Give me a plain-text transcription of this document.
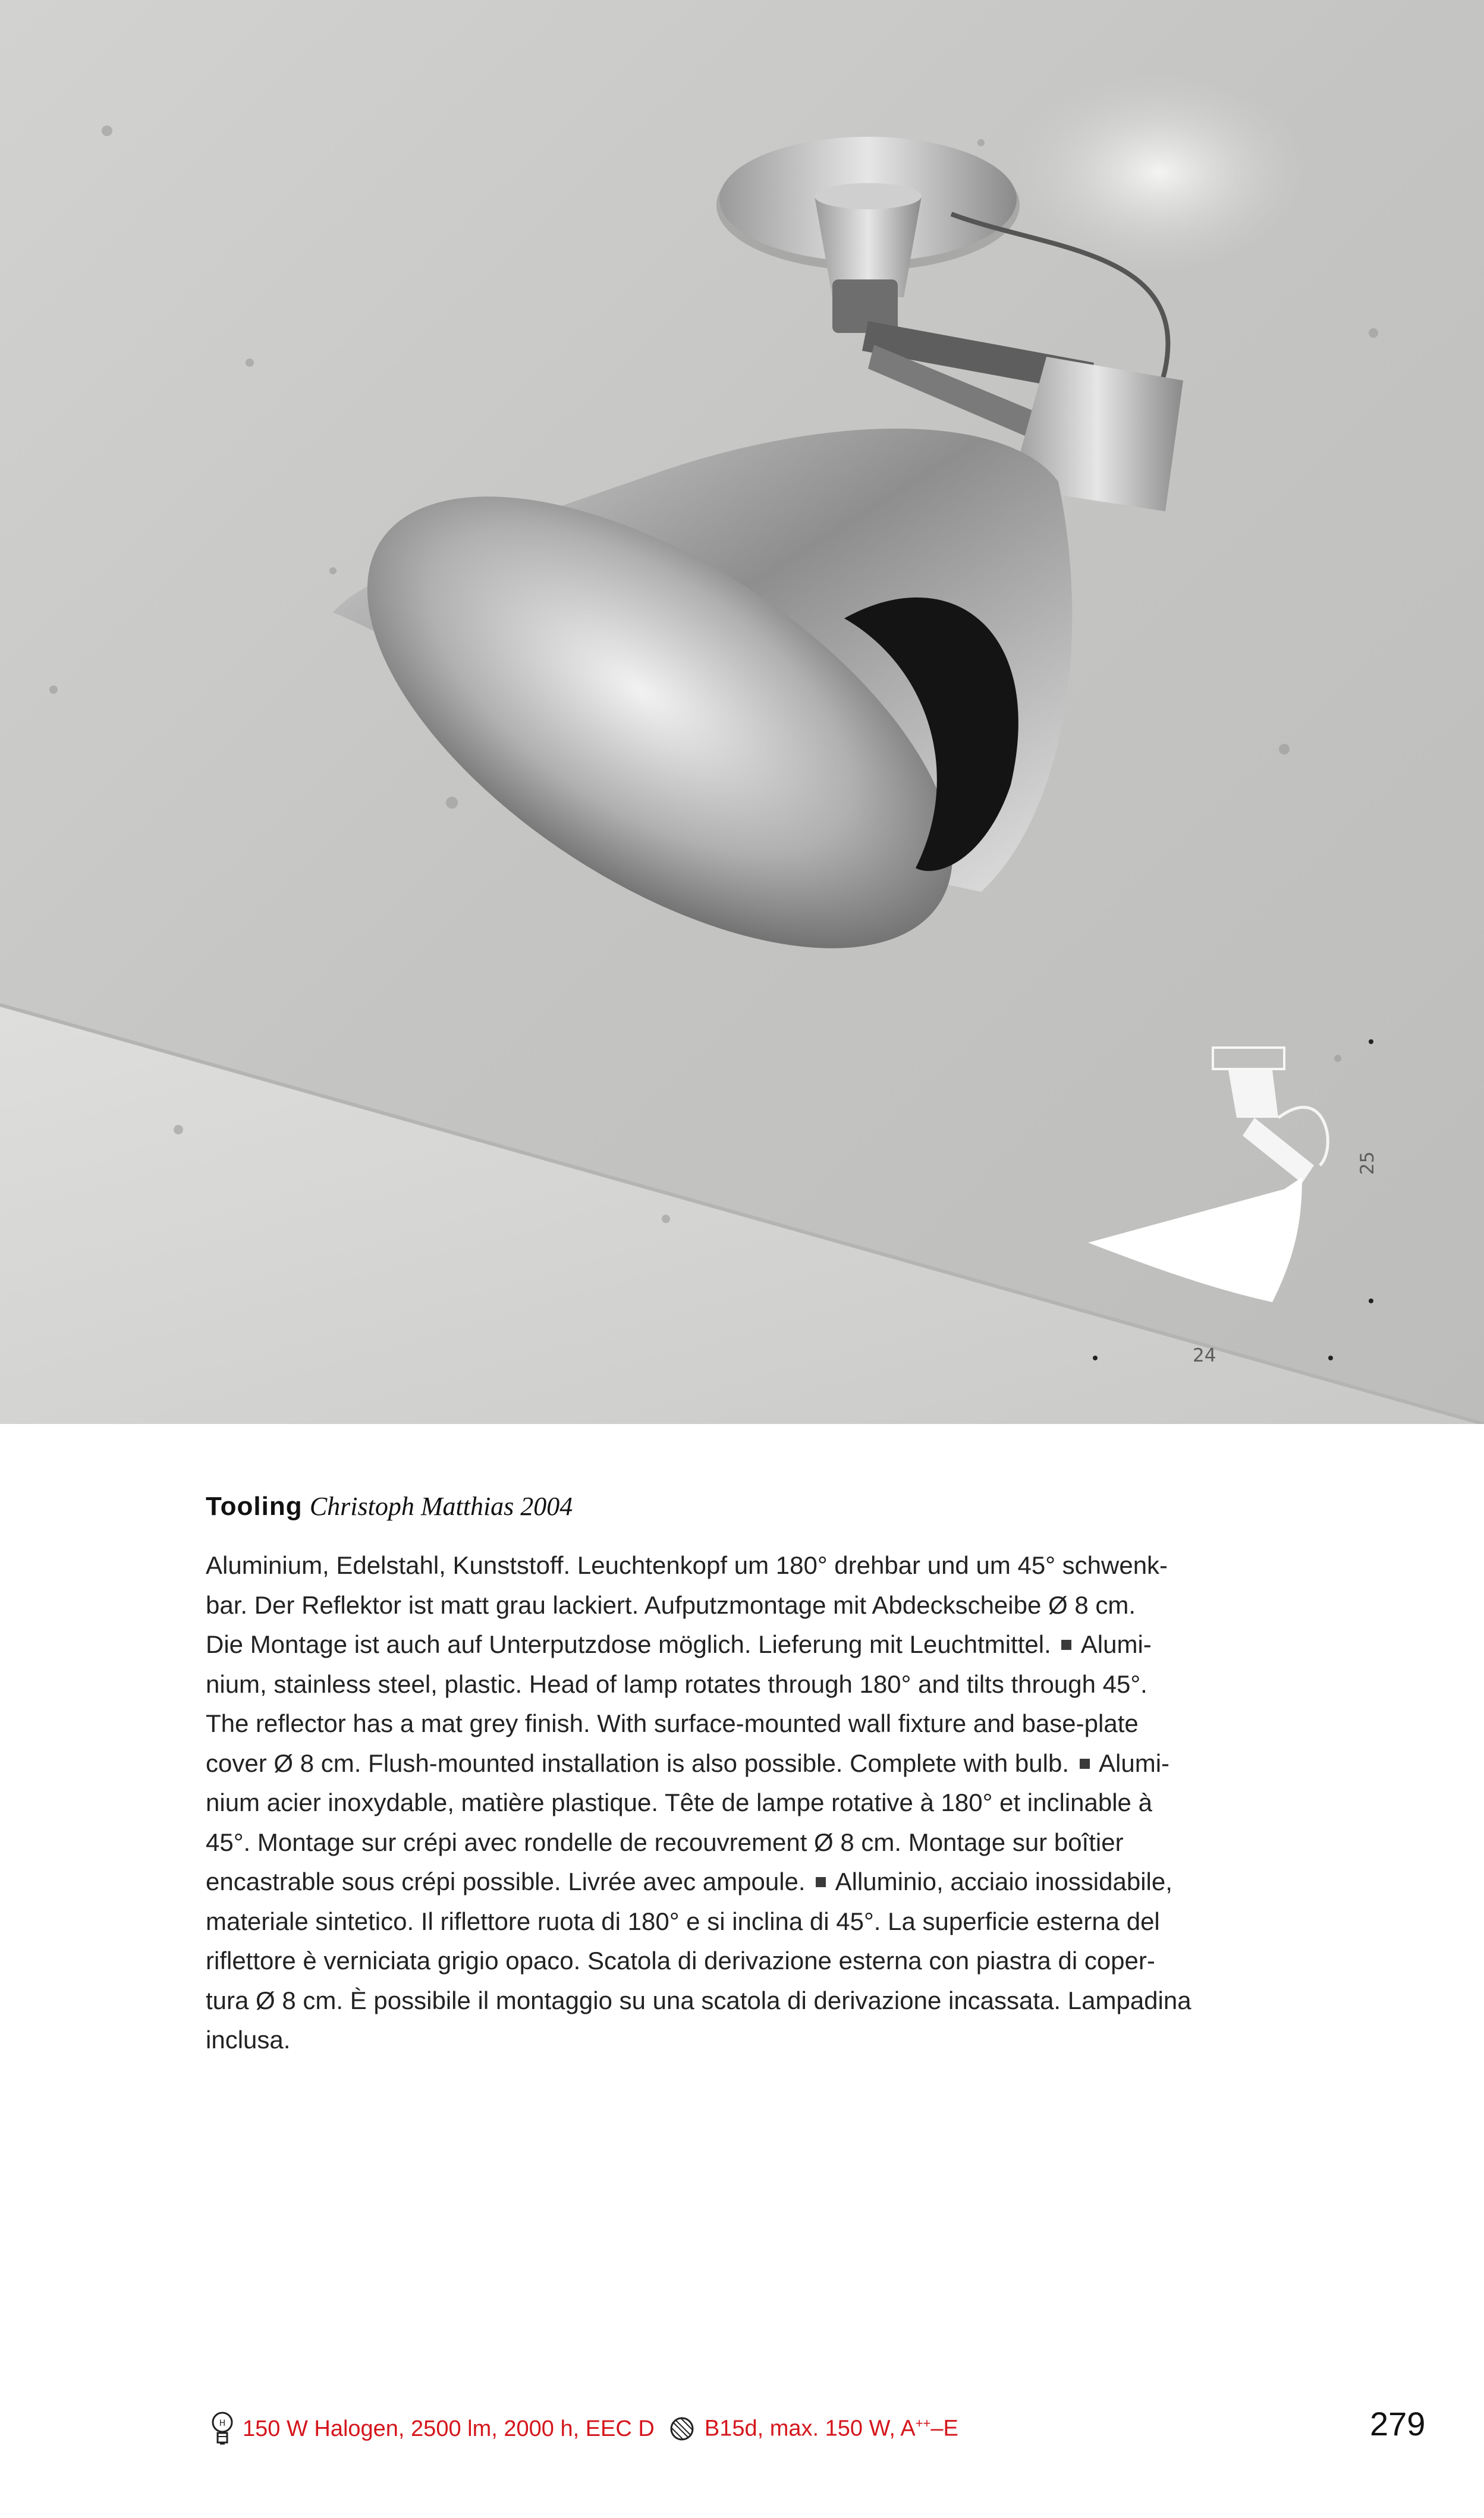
24
25
Tooling Christoph Matthias 2004

Aluminium, Edelstahl, Kunststoff. Leuchtenkopf um 180° drehbar und um 45° schwenk-

bar. Der Reflektor ist matt grau lackiert. Aufputzmontage mit Abdeckscheibe Ø 8 cm.

Die Montage ist auch auf Unterputzdose möglich. Lieferung mit Leuchtmittel. Alumi-

nium, stainless steel, plastic. Head of lamp rotates through 180° and tilts through 45°.

The reflector has a mat grey finish. With surface-mounted wall fixture and base-plate

cover Ø 8 cm. Flush-mounted installation is also possible. Complete with bulb. Alumi-

nium acier inoxydable, matière plastique. Tête de lampe rotative à 180° et inclinable à

45°. Montage sur crépi avec rondelle de recouvrement Ø 8 cm. Montage sur boîtier

encastrable sous crépi possible. Livrée avec ampoule. Alluminio, acciaio inossidabile,

materiale sintetico. Il riflettore ruota di 180° e si inclina di 45°. La superficie esterna del

riflettore è verniciata grigio opaco. Scatola di derivazione esterna con piastra di coper-

tura Ø 8 cm. È possibile il montaggio su una scatola di derivazione incassata. Lampadina

inclusa.

H 150 W Halogen, 2500 lm, 2000 h, EEC D B15d, max. 150 W, A++–E	279
